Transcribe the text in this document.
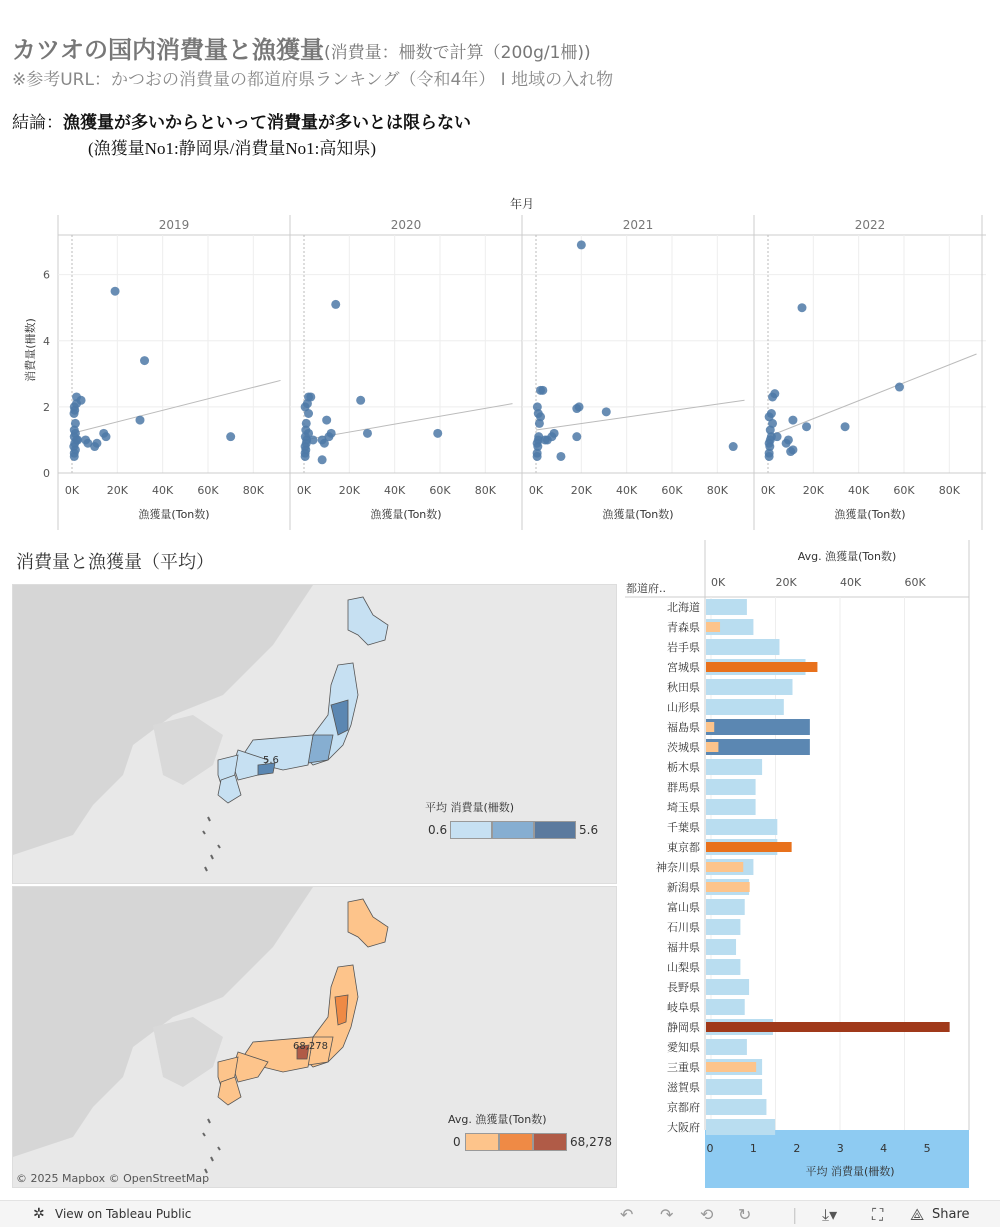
カツオの国内消費量と漁獲量(消費量：柵数で計算（200g/1柵))
※参考URL：かつおの消費量の都道府県ランキング（令和4年） I 地域の入れ物
結論：漁獲量が多いからといって消費量が多いとは限らない
(漁獲量No1:静岡県/消費量No1:高知県)
年月
消費量(柵数)
0
2
4
6
2019
0K	20K 40K 60K 80K
漁獲量(Ton数)
2020
0K	20K 40K 60K 80K
漁獲量(Ton数)
2021
0K	20K 40K 60K 80K
漁獲量(Ton数)
2022
0K	20K 40K 60K 80K
漁獲量(Ton数)
消費量と漁獲量（平均）
5.6
平均 消費量(柵数)
0.6	5.6
68,278
Avg. 漁獲量(Ton数)
0	68,278
© 2025 Mapbox © OpenStreetMap
Avg. 漁獲量(Ton数)
都道府..
平均 消費量(柵数)
0K	20K	40K	60K
0	1	2	3	4	5
北海道
青森県
岩手県
宮城県
秋田県
山形県
福島県
茨城県
栃木県
群馬県
埼玉県
千葉県
東京都
神奈川県
新潟県
富山県
石川県
福井県
山梨県
長野県
岐阜県
静岡県
愛知県
三重県
滋賀県
京都府
大阪府
✲ View on Tableau Public	↶ ↷ ⟲ ↻	| ⤓▾ ⛶ ⟁ Share
